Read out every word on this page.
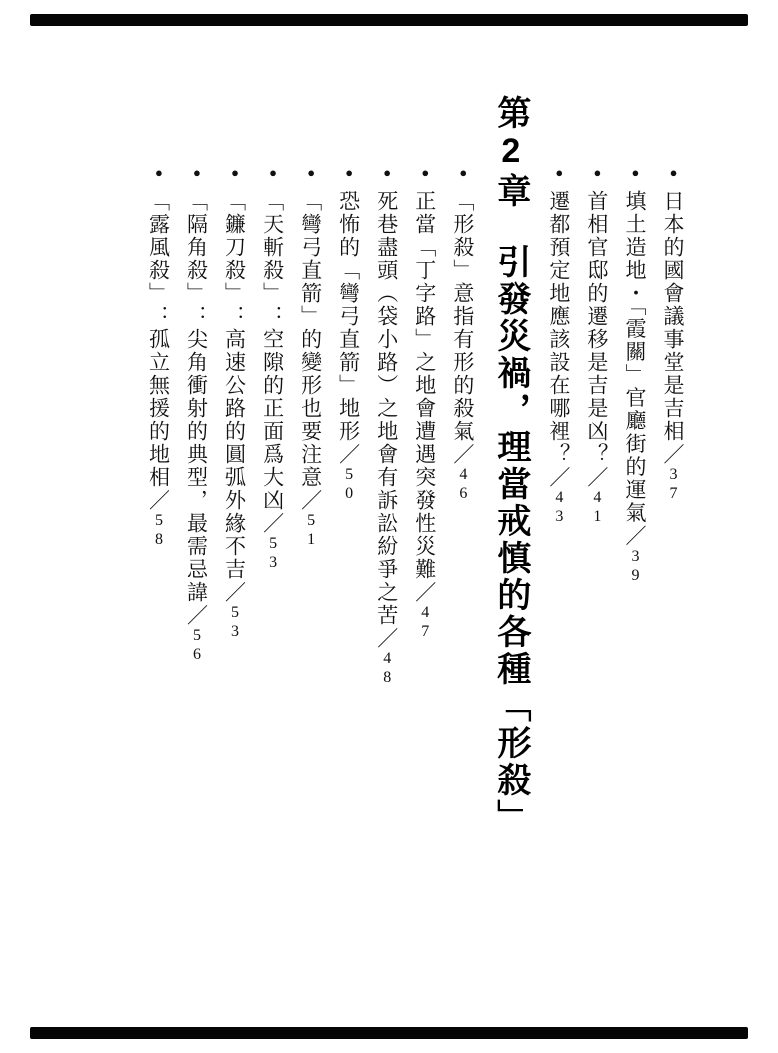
●日本的國會議事堂是吉相／37 ●填土造地・「霞關」官廳街的運氣／39 ●首相官邸的遷移是吉是凶？／41 ●遷都預定地應該設在哪裡？／43 第2章引發災禍，理當戒慎的各種「形殺」 ●「形殺」意指有形的殺氣／46 ●正當「丁字路」之地會遭遇突發性災難／47 ●死巷盡頭（袋小路）之地會有訴訟紛爭之苦／48 ●恐怖的「彎弓直箭」地形／50 ●「彎弓直箭」的變形也要注意／51 ●「天斬殺」：空隙的正面爲大凶／53 ●「鐮刀殺」：高速公路的圓弧外緣不吉／53 ●「隔角殺」：尖角衝射的典型，最需忌諱／56 ●「露風殺」：孤立無援的地相／58
